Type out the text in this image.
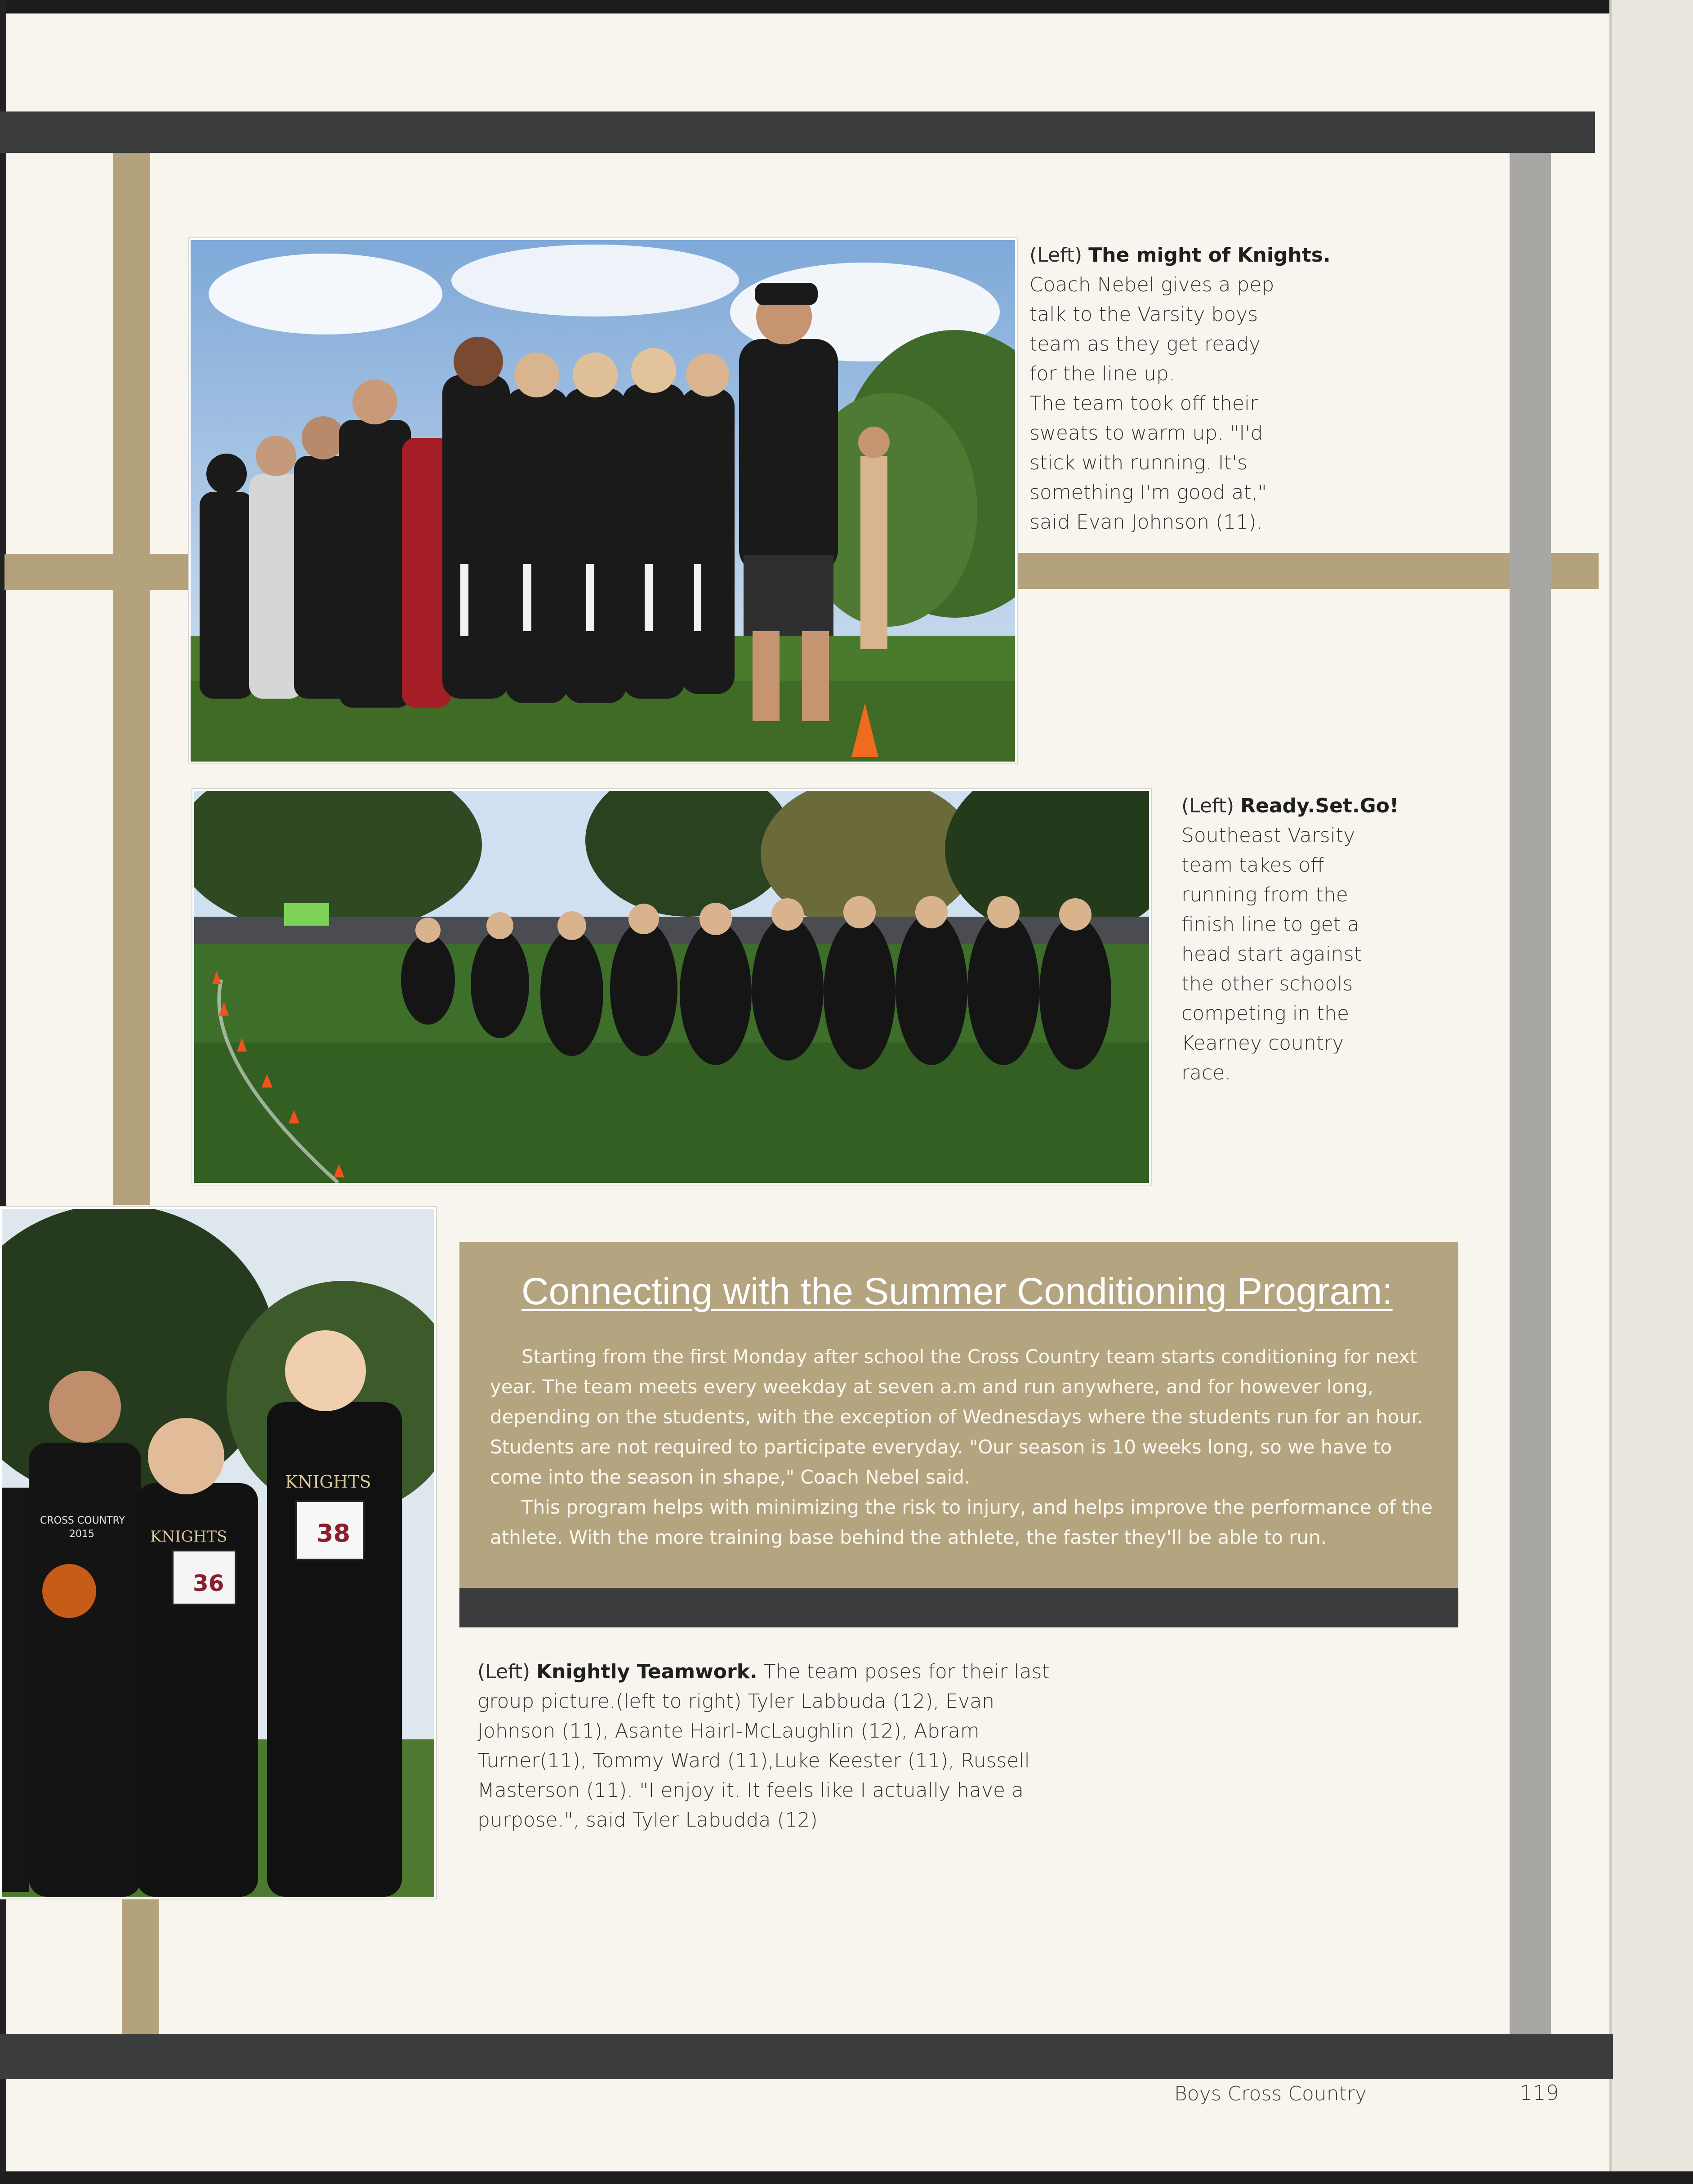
(Left) The might of Knights.
Coach Nebel gives a pep
talk to the Varsity boys
team as they get ready
for the line up.
The team took off their
sweats to warm up. "I'd
stick with running. It's
something I'm good at,"
said Evan Johnson (11).
(Left) Ready.Set.Go!
Southeast Varsity
team takes off
running from the
finish line to get a
head start against
the other schools
competing in the
Kearney country
race.
KNIGHTS
KNIGHTS
CROSS COUNTRY
2015
36
38
Connecting with the Summer Conditioning Program:

Starting from the first Monday after school the Cross Country team starts conditioning for next year. The team meets every weekday at seven a.m and run anywhere, and for however long, depending on the students, with the exception of Wednesdays where the students run for an hour. Students are not required to participate everyday. "Our season is 10 weeks long, so we have to come into the season in shape," Coach Nebel said.

This program helps with minimizing the risk to injury, and helps improve the performance of the athlete. With the more training base behind the athlete, the faster they'll be able to run.

(Left) Knightly Teamwork. The team poses for their last group picture.(left to right) Tyler Labbuda (12), Evan Johnson (11), Asante Hairl-McLaughlin (12), Abram Turner(11), Tommy Ward (11),Luke Keester (11), Russell Masterson (11). "I enjoy it. It feels like I actually have a purpose.", said Tyler Labudda (12)
Boys Cross Country	119
